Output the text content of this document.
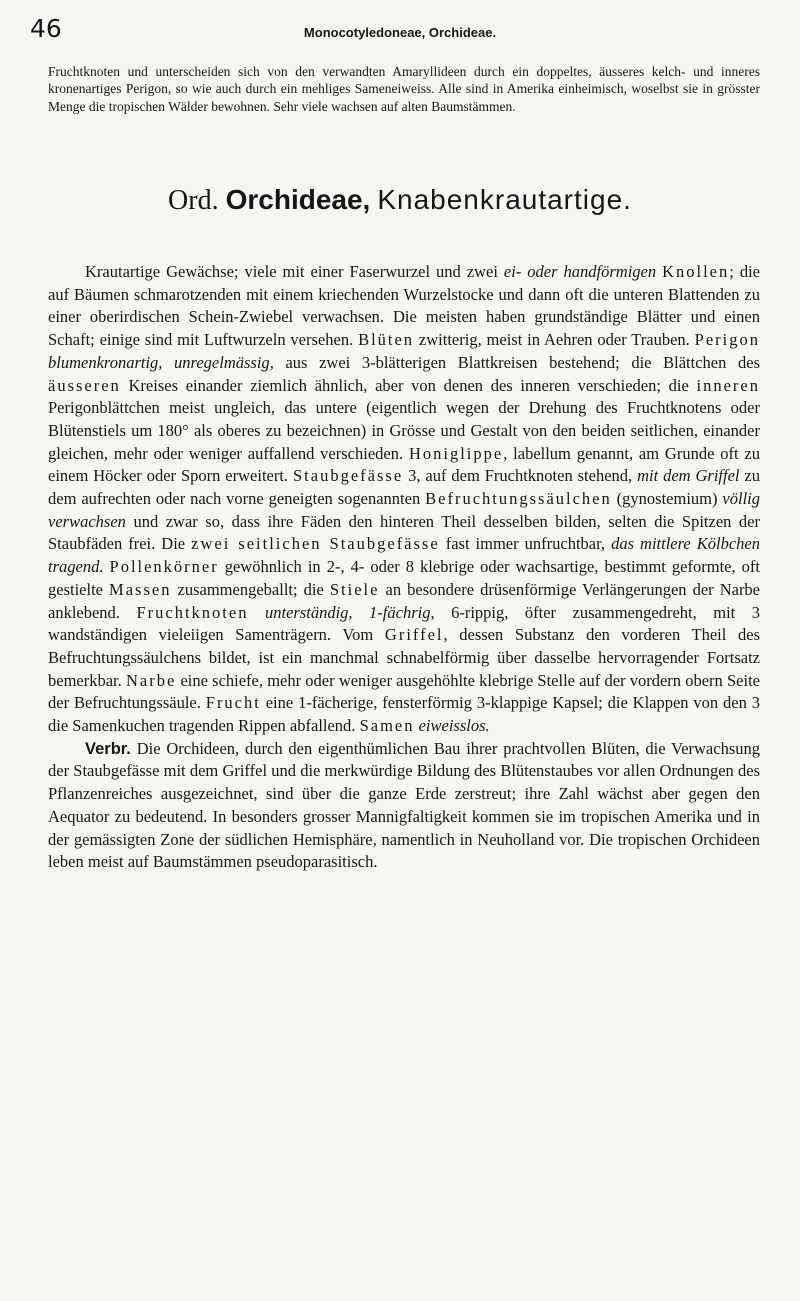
46	Monocotyledoneae, Orchideae.

Fruchtknoten und unterscheiden sich von den verwandten Amaryllideen durch ein doppeltes, äusseres kelch- und inneres kronenartiges Perigon, so wie auch durch ein mehliges Sameneiweiss. Alle sind in Amerika einheimisch, woselbst sie in grösster Menge die tropischen Wälder bewohnen. Sehr viele wachsen auf alten Baumstämmen.

Ord. Orchideae, Knabenkrautartige.

Krautartige Gewächse; viele mit einer Faserwurzel und zwei ei- oder handförmigen Knollen; die auf Bäumen schmarotzenden mit einem kriechenden Wurzelstocke und dann oft die unteren Blattenden zu einer oberirdischen Schein-Zwiebel verwachsen. Die meisten haben grundständige Blätter und einen Schaft; einige sind mit Luftwurzeln versehen. Blüten zwitterig, meist in Aehren oder Trauben. Perigon blumenkronartig, unregelmässig, aus zwei 3-blätterigen Blattkreisen bestehend; die Blättchen des äusseren Kreises einander ziemlich ähnlich, aber von denen des inneren verschieden; die inneren Perigonblättchen meist ungleich, das untere (eigentlich wegen der Drehung des Fruchtknotens oder Blütenstiels um 180° als oberes zu bezeichnen) in Grösse und Gestalt von den beiden seitlichen, einander gleichen, mehr oder weniger auffallend verschieden. Honiglippe, labellum genannt, am Grunde oft zu einem Höcker oder Sporn erweitert. Staubgefässe 3, auf dem Fruchtknoten stehend, mit dem Griffel zu dem aufrechten oder nach vorne geneigten sogenannten Befruchtungssäulchen (gynostemium) völlig verwachsen und zwar so, dass ihre Fäden den hinteren Theil desselben bilden, selten die Spitzen der Staubfäden frei. Die zwei seitlichen Staubgefässe fast immer unfruchtbar, das mittlere Kölbchen tragend. Pollenkörner gewöhnlich in 2-, 4- oder 8 klebrige oder wachsartige, bestimmt geformte, oft gestielte Massen zusammengeballt; die Stiele an besondere drüsenförmige Verlängerungen der Narbe anklebend. Fruchtknoten unterständig, 1-fächrig, 6-rippig, öfter zusammengedreht, mit 3 wandständigen vieleiigen Samenträgern. Vom Griffel, dessen Substanz den vorderen Theil des Befruchtungssäulchens bildet, ist ein manchmal schnabelförmig über dasselbe hervorragender Fortsatz bemerkbar. Narbe eine schiefe, mehr oder weniger ausgehöhlte klebrige Stelle auf der vordern obern Seite der Befruchtungssäule. Frucht eine 1-fächerige, fensterförmig 3-klappige Kapsel; die Klappen von den 3 die Samenkuchen tragenden Rippen abfallend. Samen eiweisslos.

Verbr. Die Orchideen, durch den eigenthümlichen Bau ihrer prachtvollen Blüten, die Verwachsung der Staubgefässe mit dem Griffel und die merkwürdige Bildung des Blütenstaubes vor allen Ordnungen des Pflanzenreiches ausgezeichnet, sind über die ganze Erde zerstreut; ihre Zahl wächst aber gegen den Aequator zu bedeutend. In besonders grosser Mannigfaltigkeit kommen sie im tropischen Amerika und in der gemässigten Zone der südlichen Hemisphäre, namentlich in Neuholland vor. Die tropischen Orchideen leben meist auf Baumstämmen pseudoparasitisch.
